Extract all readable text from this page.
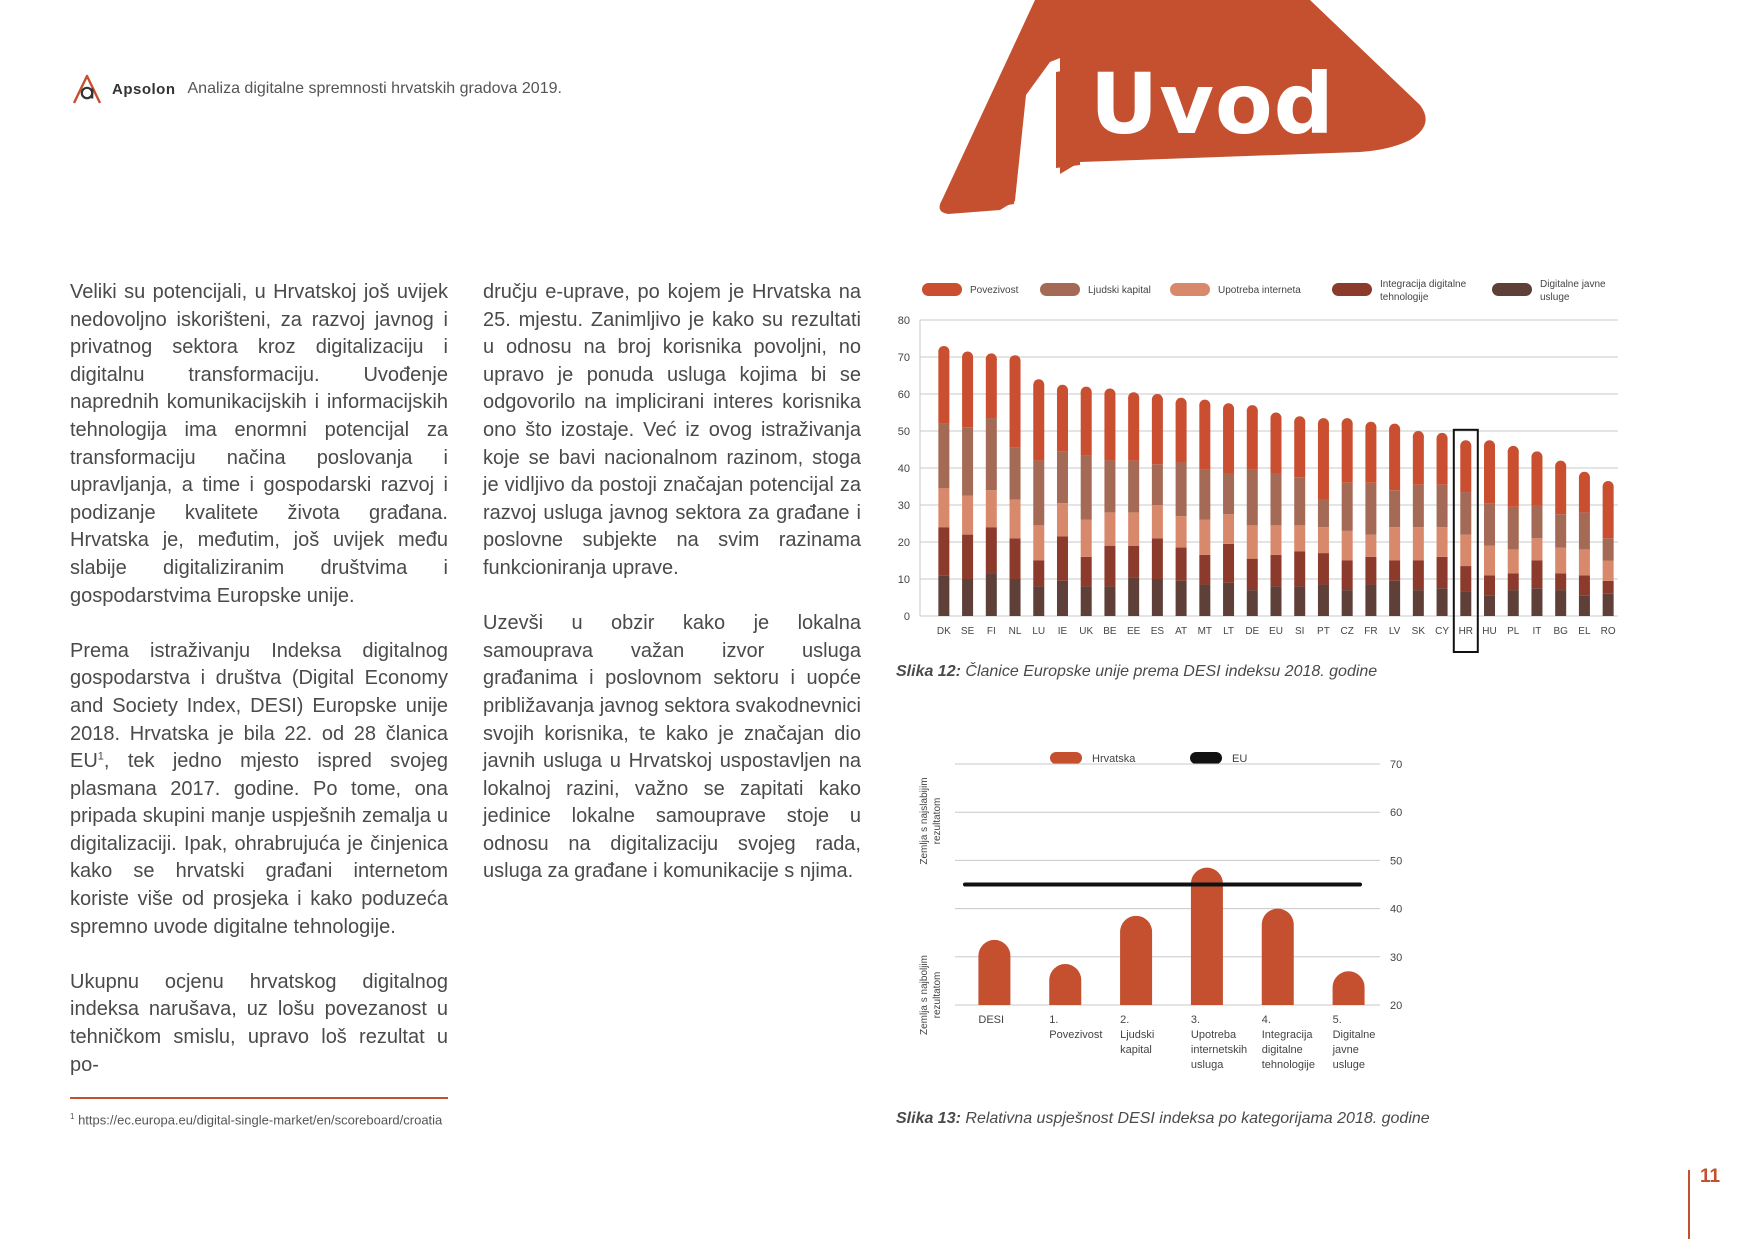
Apsolon Analiza digitalne spremnosti hrvatskih gradova 2019.	Uvod

Veliki su potencijali, u Hrvatskoj još uvijek nedovoljno iskorišteni, za razvoj javnog i privatnog sektora kroz digitalizaciju i digitalnu transformaciju. Uvođenje naprednih komunikacijskih i informacijskih tehnologija ima enormni potencijal za transformaciju načina poslovanja i upravljanja, a time i gospodarski razvoj i podizanje kvalitete života građana. Hrvatska je, međutim, još uvijek među slabije digitaliziranim društvima i gospodarstvima Europske unije.

Prema istraživanju Indeksa digitalnog gospodarstva i društva (Digital Economy and Society Index, DESI) Europske unije 2018. Hrvatska je bila 22. od 28 članica $EU^1$, tek jedno mjesto ispred svojeg plasmana 2017. godine. Po tome, ona pripada skupini manje uspješnih zemalja u digitalizaciji. Ipak, ohrabrujuća je činjenica kako se hrvatski građani internetom koriste više od prosjeka i kako poduzeća spremno uvode digitalne tehnologije.

Ukupnu ocjenu hrvatskog digitalnog indeksa narušava, uz lošu povezanost u tehničkom smislu, upravo loš rezultat u po-

dručju e-uprave, po kojem je Hrvatska na 25. mjestu. Zanimljivo je kako su rezultati u odnosu na broj korisnika povoljni, no upravo je ponuda usluga kojima bi se odgovorilo na implicirani interes korisnika ono što izostaje. Već iz ovog istraživanja koje se bavi nacionalnom razinom, stoga je vidljivo da postoji značajan potencijal za razvoj usluga javnog sektora za građane i poslovne subjekte na svim razinama funkcioniranja uprave.

Uzevši u obzir kako je lokalna samouprava važan izvor usluga građanima i poslovnom sektoru i uopće približavanja javnog sektora svakodnevnici svojih korisnika, te kako je značajan dio javnih usluga u Hrvatskoj uspostavljen na lokalnoj razini, važno se zapitati kako jedinice lokalne samouprave stoje u odnosu na digitalizaciju svojeg rada, usluga za građane i komunikacije s njima.

$^1$ https://ec.europa.eu/digital-single-market/en/scoreboard/croatia
Povezivost	Ljudski kapital	Upotreba interneta
Integracija digitalne tehnologije
Digitalne javne usluge
0
10
20
30
40
50
60
70
80
DK SE FI NL LU IE UK BE EE ES AT MT LT DE EU SI PT CZ FR LV SK CY HR HU PL IT BG EL RO
Slika 12: Članice Europske unije prema DESI indeksu 2018. godine
Hrvatska	EU
20
30
40
50
60
70
Zemlja s najslabijim rezultatom
Zemlja s najboljim rezultatom
DESI	1. Povezivost
2. Ljudski kapital
3. Upotreba internetskih usluga
4. Integracija digitalne tehnologije
5. Digitalne javne usluge
Slika 13: Relativna uspješnost DESI indeksa po kategorijama 2018. godine
11
